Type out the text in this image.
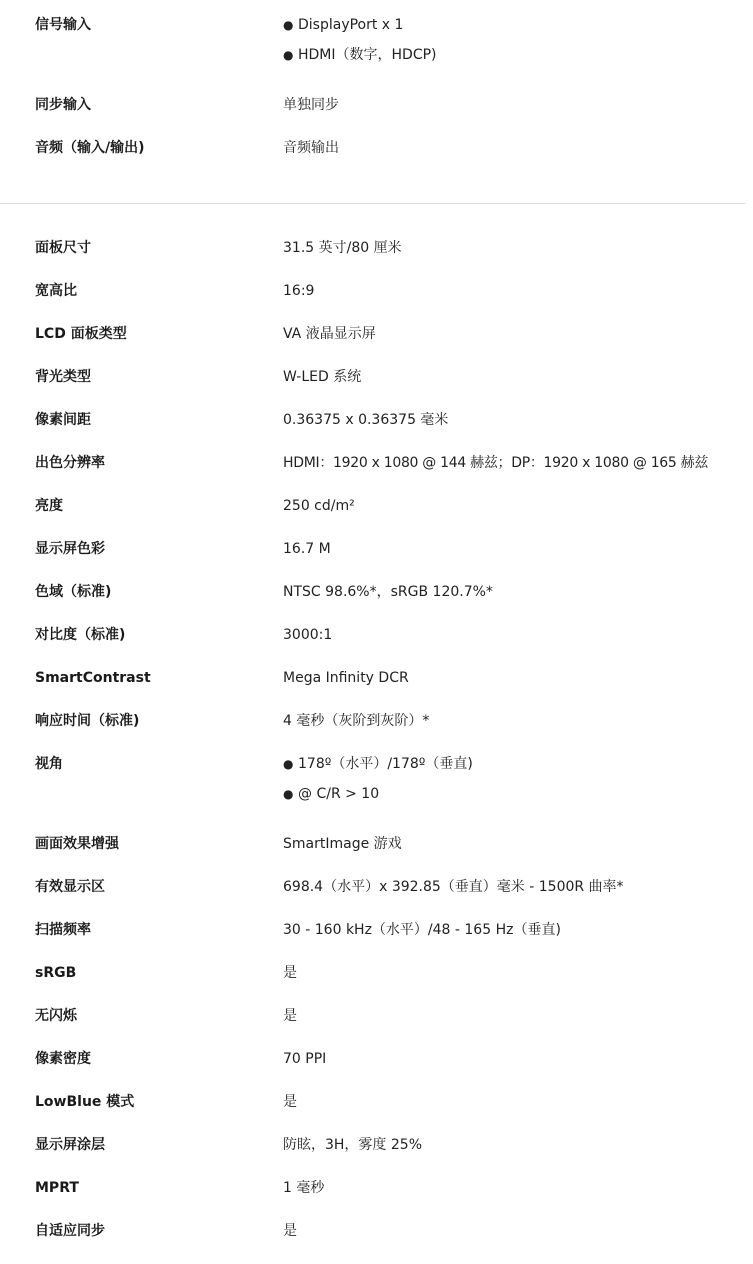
信号输入	● DisplayPort x 1
● HDMI（数字，HDCP)
同步输入	单独同步
音频（输入/输出)	音频输出
面板尺寸	31.5 英寸/80 厘米
宽高比	16:9
LCD 面板类型	VA 液晶显示屏
背光类型	W-LED 系统
像素间距	0.36375 x 0.36375 毫米
出色分辨率	HDMI：1920 x 1080 @ 144 赫兹；DP：1920 x 1080 @ 165 赫兹
亮度	250 cd/m²
显示屏色彩	16.7 M
色域（标准)	NTSC 98.6%*，sRGB 120.7%*
对比度（标准)	3000:1
SmartContrast	Mega Infinity DCR
响应时间（标准)	4 毫秒（灰阶到灰阶）*
视角	● 178º（水平）/178º（垂直)
● @ C/R > 10
画面效果增强	SmartImage 游戏
有效显示区	698.4（水平）x 392.85（垂直）毫米 - 1500R 曲率*
扫描频率	30 - 160 kHz（水平）/48 - 165 Hz（垂直)
sRGB	是
无闪烁	是
像素密度	70 PPI
LowBlue 模式	是
显示屏涂层	防眩，3H，雾度 25%
MPRT	1 毫秒
自适应同步	是
